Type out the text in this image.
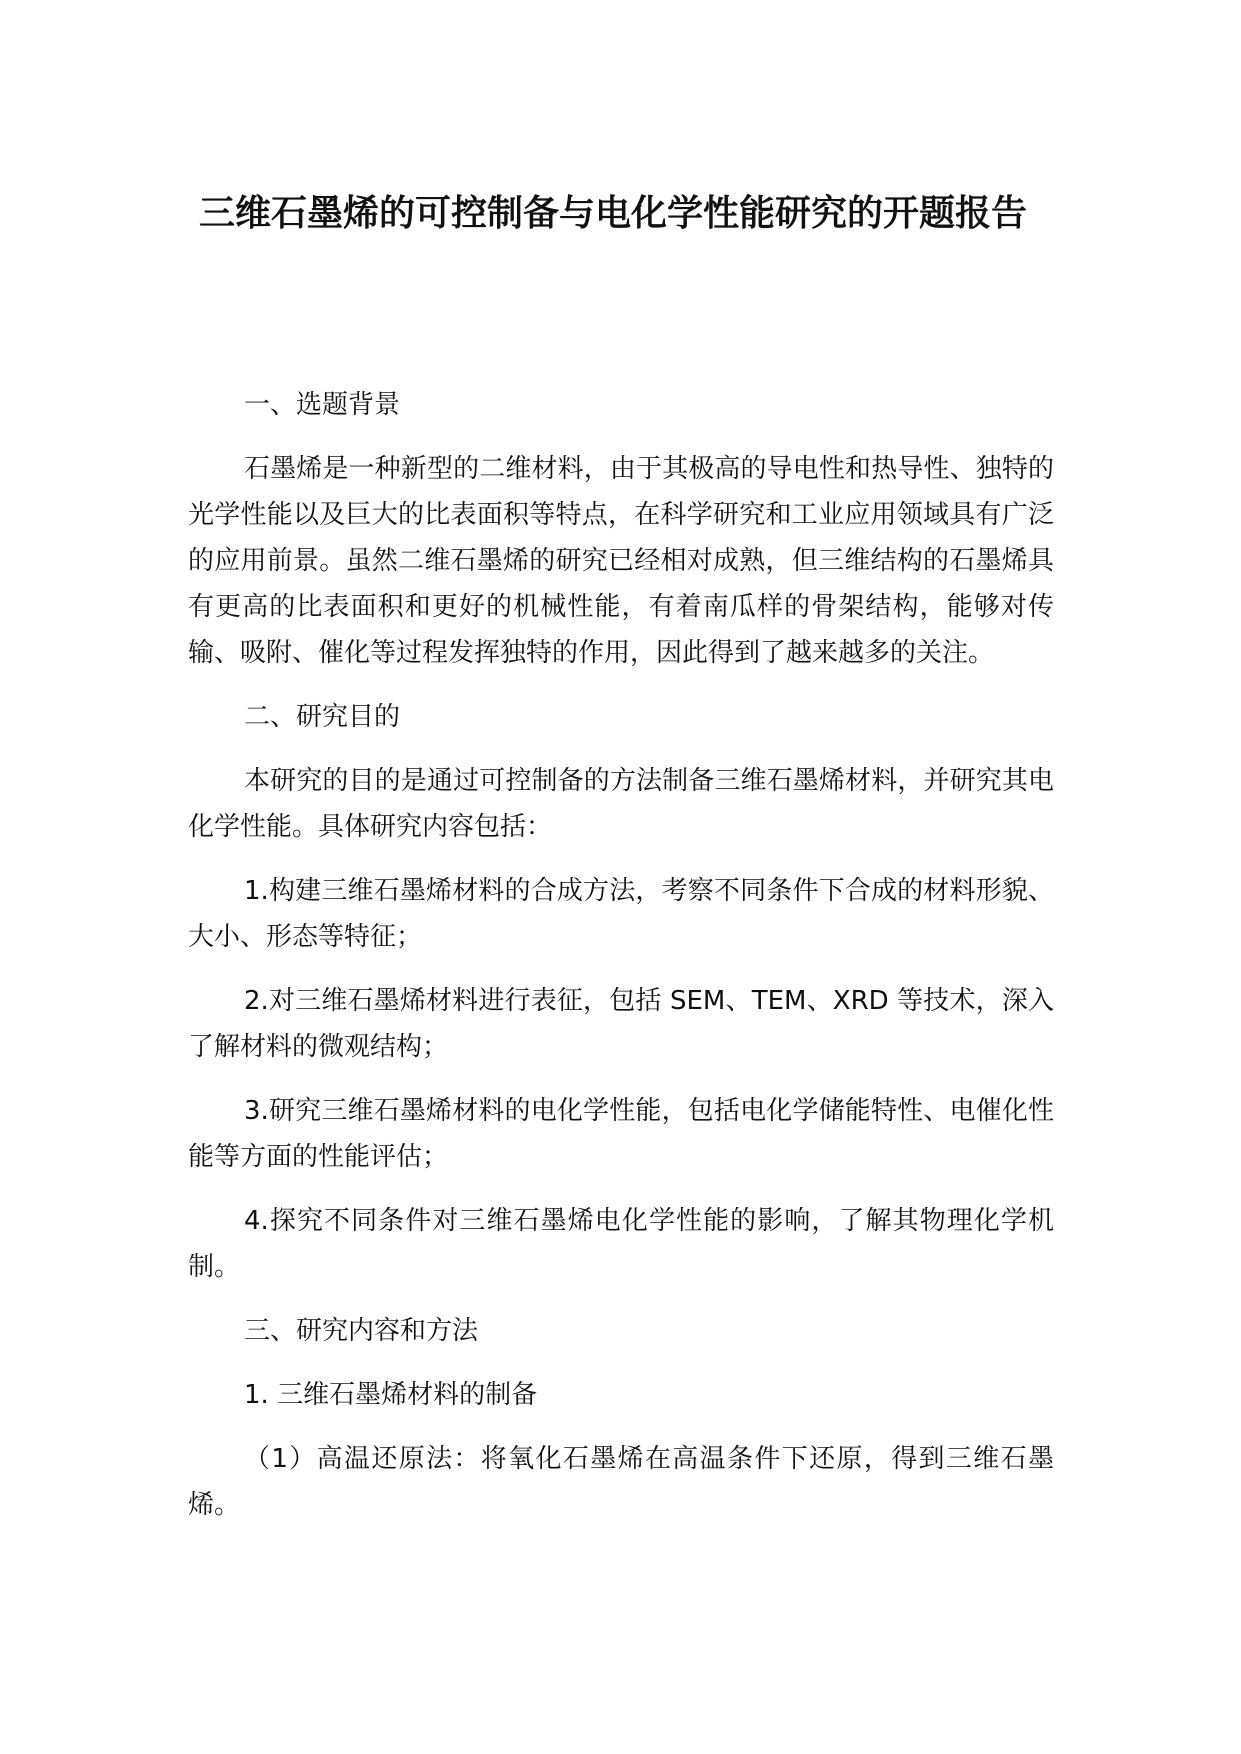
三维石墨烯的可控制备与电化学性能研究的开题报告

一、选题背景

石墨烯是一种新型的二维材料，由于其极高的导电性和热导性、独特的光学性能以及巨大的比表面积等特点，在科学研究和工业应用领域具有广泛的应用前景。虽然二维石墨烯的研究已经相对成熟，但三维结构的石墨烯具有更高的比表面积和更好的机械性能，有着南瓜样的骨架结构，能够对传输、吸附、催化等过程发挥独特的作用，因此得到了越来越多的关注。

二、研究目的

本研究的目的是通过可控制备的方法制备三维石墨烯材料，并研究其电化学性能。具体研究内容包括：

1.构建三维石墨烯材料的合成方法，考察不同条件下合成的材料形貌、大小、形态等特征；

2.对三维石墨烯材料进行表征，包括 SEM、TEM、XRD 等技术，深入了解材料的微观结构；

3.研究三维石墨烯材料的电化学性能，包括电化学储能特性、电催化性能等方面的性能评估；

4.探究不同条件对三维石墨烯电化学性能的影响，了解其物理化学机制。

三、研究内容和方法

1. 三维石墨烯材料的制备

（1）高温还原法：将氧化石墨烯在高温条件下还原，得到三维石墨烯。
